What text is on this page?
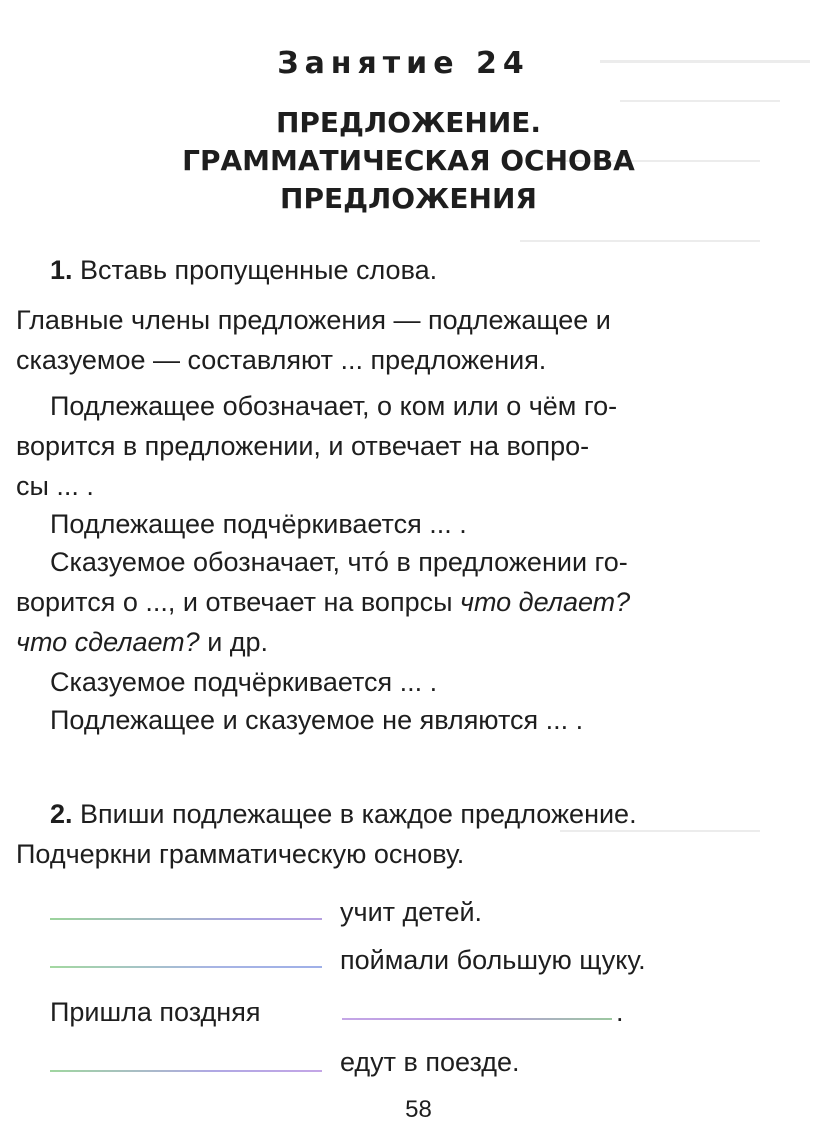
Занятие 24
ПРЕДЛОЖЕНИЕ.
ГРАММАТИЧЕСКАЯ ОСНОВА
ПРЕДЛОЖЕНИЯ
1. Вставь пропущенные слова.
Главные члены предложения — подлежащее и
сказуемое — составляют ... предложения.
Подлежащее обозначает, о ком или о чём го-
ворится в предложении, и отвечает на вопро-
сы ... .
Подлежащее подчёркивается ... .
Сказуемое обозначает, чтó в предложении го-
ворится о ..., и отвечает на вопрсы что делает?
что сделает? и др.
Сказуемое подчёркивается ... .
Подлежащее и сказуемое не являются ... .
2. Впиши подлежащее в каждое предложение.
Подчеркни грамматическую основу.
учит детей.
поймали большую щуку.
Пришла поздняя	.
едут в поезде.
58
